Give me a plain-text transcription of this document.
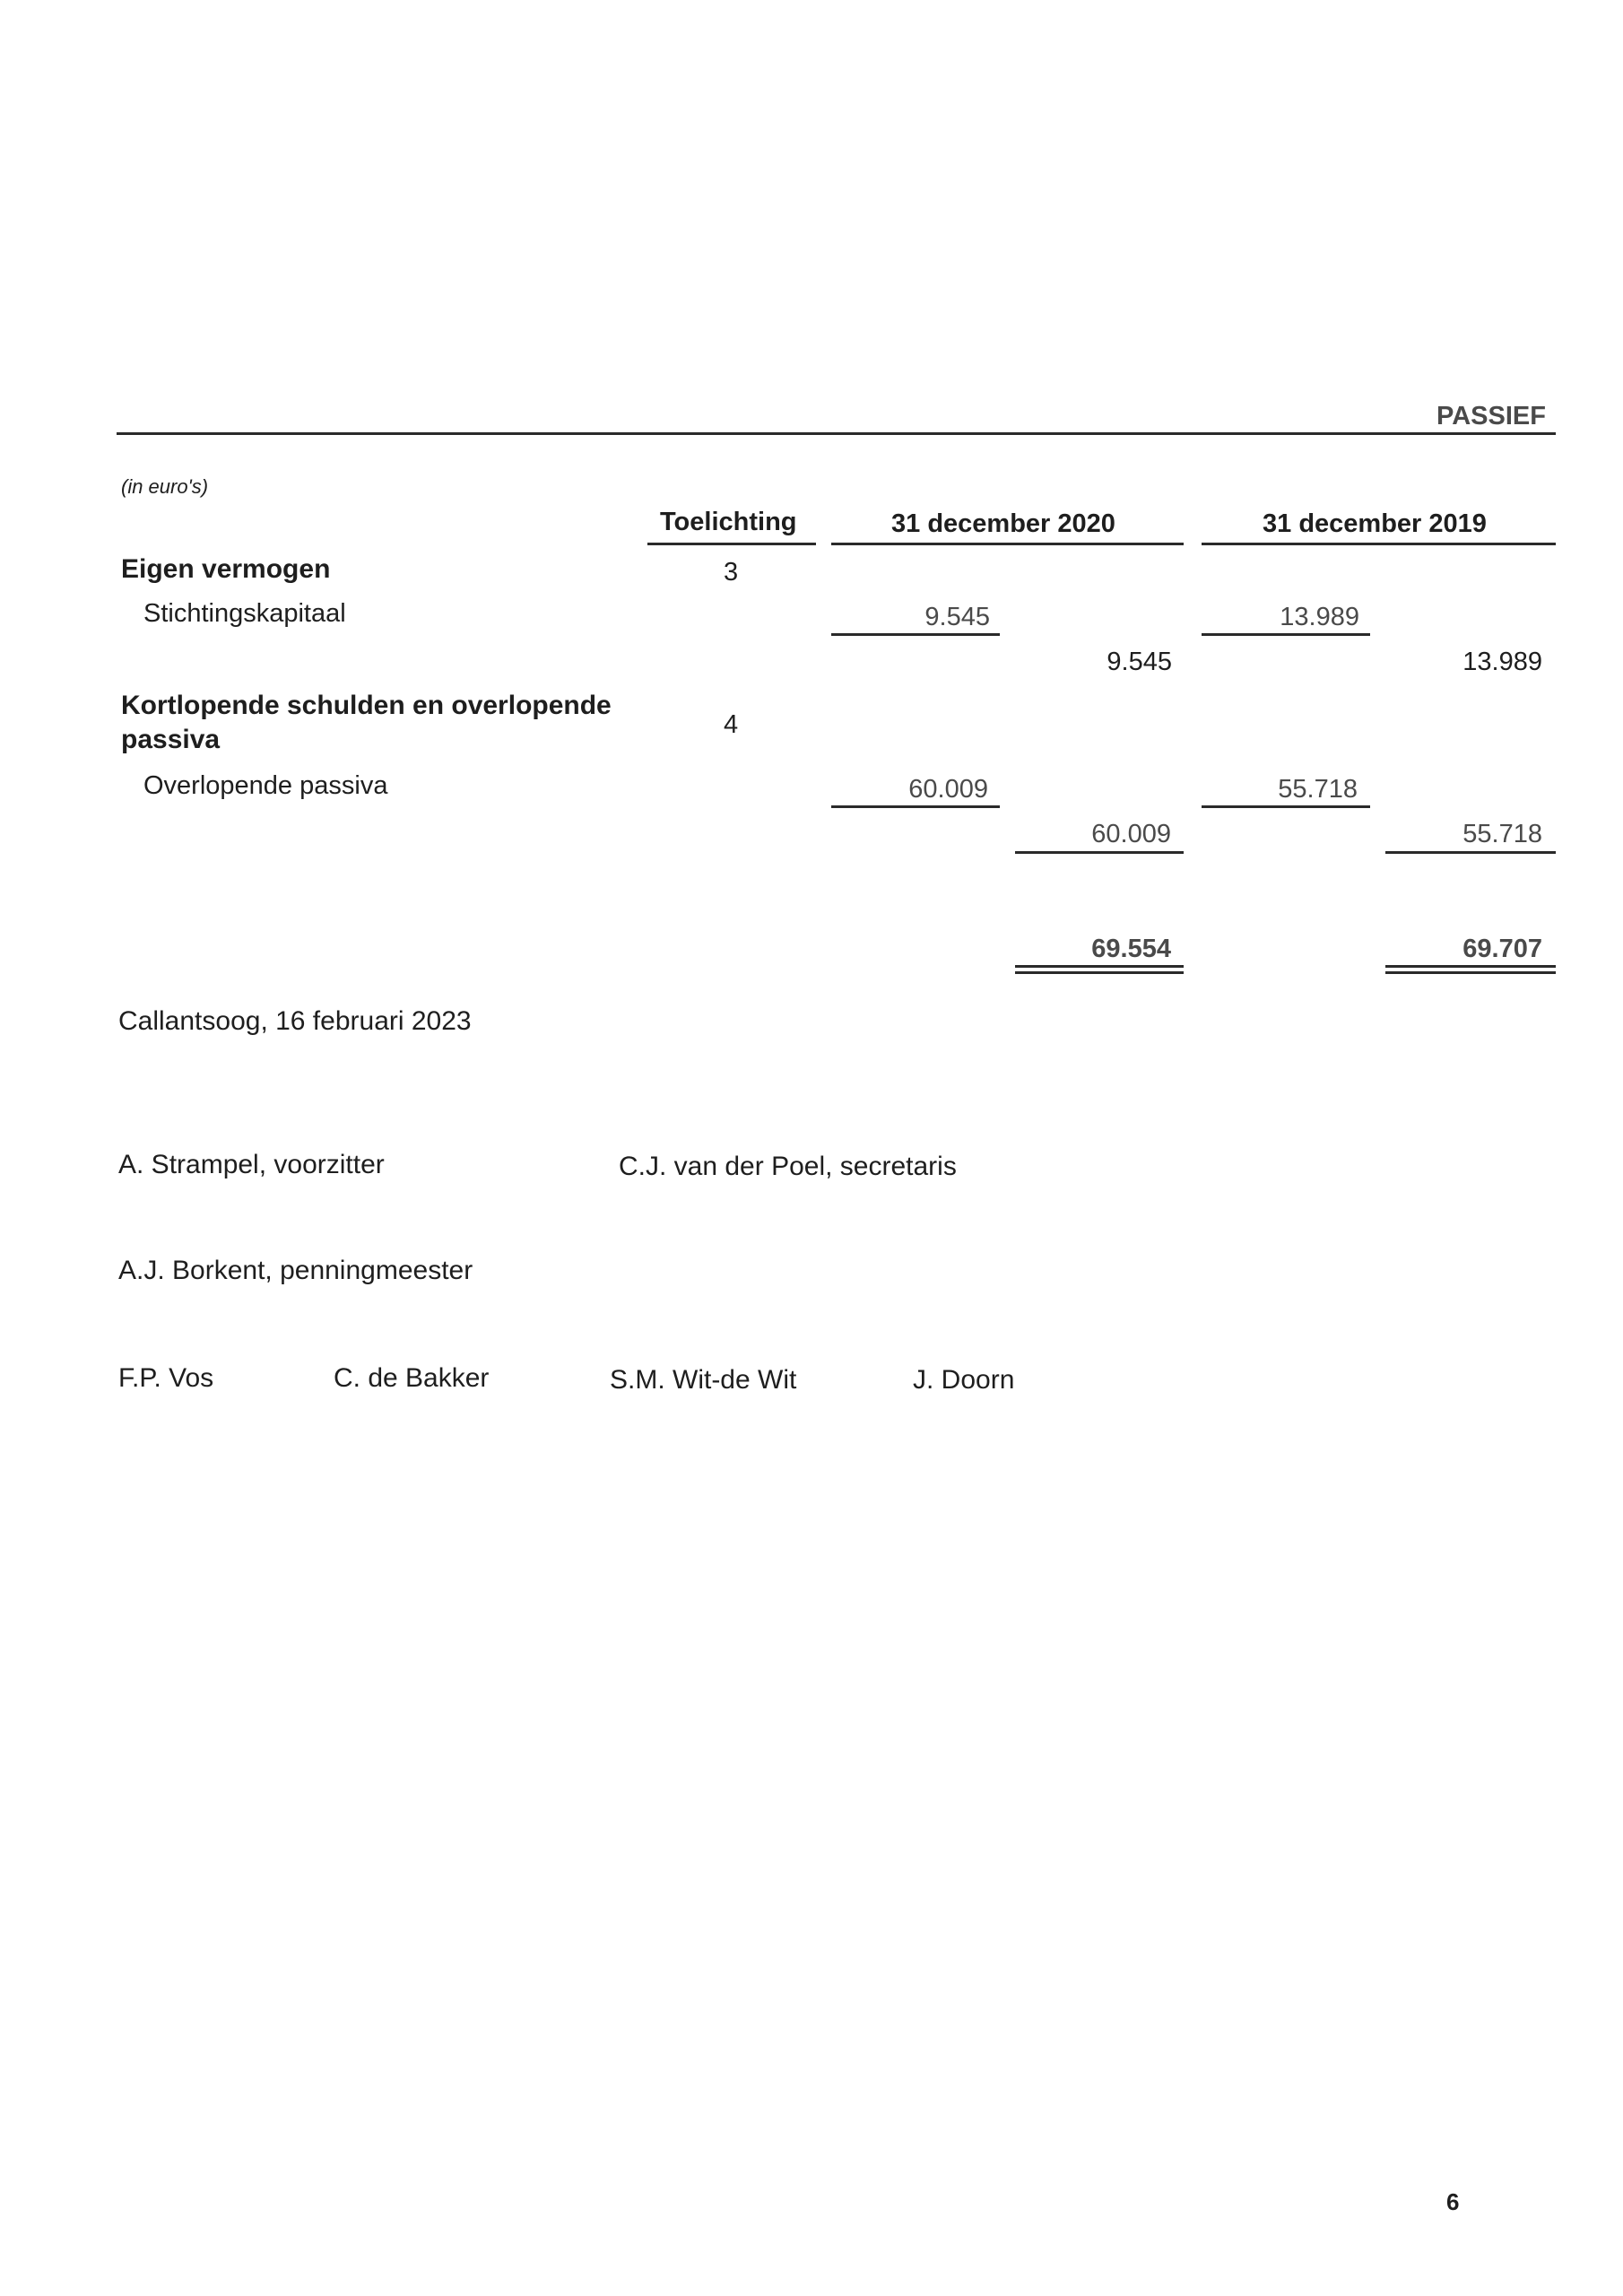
PASSIEF
(in euro's)
Toelichting	31 december 2020	31 december 2019
Eigen vermogen	3
Stichtingskapitaal	9.545	13.989
9.545	13.989
Kortlopende schulden en overlopende
passiva	4
Overlopende passiva	60.009	55.718
60.009	55.718
69.554	69.707
Callantsoog, 16 februari 2023
A. Strampel, voorzitter	C.J. van der Poel, secretaris
A.J. Borkent, penningmeester
F.P. Vos	C. de Bakker	S.M. Wit-de Wit	J. Doorn
6
